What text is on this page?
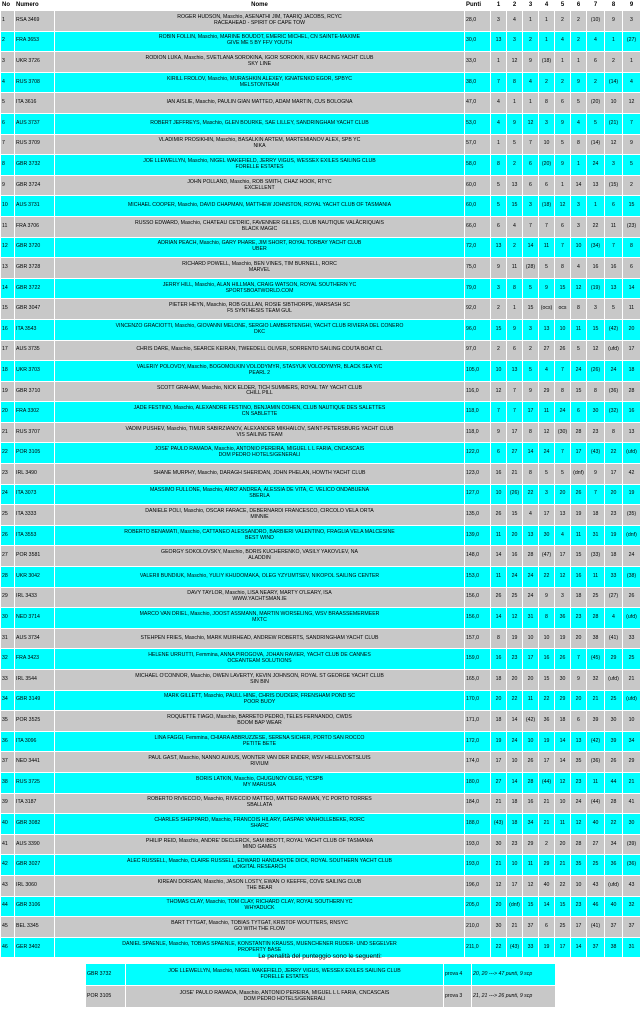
No	Numero	Nome	Punti	1	2	3	4	5	6	7	8	9
1	RSA 3469	ROGER HUDSON, Maschio, ASENATHI JIM, TAARIQ JACOBS, RCYC
RACEAHEAD - SPIRIT OF CAPE TOW	28,0	3	4	1	1	2	2	(10)	9	3
2	FRA 3653	ROBIN FOLLIN, Maschio, MARINE BOUDOT, EMERIC MICHEL, CN SAINTE-MAXIME
GIVE ME 5 BY FFV YOUTH	30,0	13	3	2	1	4	2	4	1	(27)
3	UKR 3726	RODION LUKA, Maschio, SVETLANA SOROKINA, IGOR SOROKIN, KIEV RACING YACHT CLUB
SKY LINE	33,0	1	12	9	(18)	1	1	6	2	1
4	RUS 3708	KIRILL FROLOV, Maschio, MURASHKIN ALEXEY, IGNATENKO EGOR, SPBYC
MELSTONTEAM	38,0	7	8	4	2	2	9	2	(14)	4
5	ITA 3616	IAN AISLIE, Maschio, PAULIN GIAN MATTEO, ADAM MARTIN, CUS BOLOGNA	47,0	4	1	1	8	6	5	(20)	10	12
6	AUS 3737	ROBERT JEFFREYS, Maschio, GLEN BOURKE, SAE LILLEY, SANDRINGHAM YACHT CLUB	53,0	4	9	12	3	9	4	5	(21)	7
7	RUS 3709	VLADIMIR PROSIKHIN, Maschio, BASALKIN ARTEM, MARTEMIANOV ALEX, SPB YC
NIKA	57,0	1	5	7	10	5	8	(14)	12	9
8	GBR 3732	JOE LLEWELLYN, Maschio, NIGEL WAKEFIELD, JERRY VIGUS, WESSEX EXILES SAILING CLUB
FORELLE ESTATES	58,0	8	2	6	(20)	9	1	24	3	5
9	GBR 3724	JOHN POLLAND, Maschio, ROB SMITH, CHAZ HOOK, RTYC
EXCELLENT	60,0	5	13	6	6	1	14	13	(15)	2
10	AUS 3731	MICHAEL COOPER, Maschio, DAVID CHAPMAN, MATTHEW JOHNSTON, ROYAL YACHT CLUB OF TASMANIA	60,0	5	15	3	(18)	12	3	1	6	15
11	FRA 3706	RUSSO EDWARD, Maschio, CHATEAU CE'DRIC, FAVENNER GILLES, CLUB NAUTIQUE VALÂCRIQUAIS
BLACK MAGIC	66,0	6	4	7	7	6	3	22	11	(23)
12	GBR 3720	ADRIAN PEACH, Maschio, GARY PHARE, JIM SHORT, ROYAL TORBAY YACHT CLUB
UBER	72,0	13	2	14	11	7	10	(34)	7	8
13	GBR 3728	RICHARD POWELL, Maschio, BEN VINES, TIM BURNELL, RORC
MARVEL	75,0	9	11	(28)	5	8	4	16	16	6
14	GBR 3722	JERRY HILL, Maschio, ALAN HILLMAN, CRAIG WATSON, ROYAL SOUTHERN YC
SPORTSBOATWORLD.COM	79,0	3	8	5	9	15	12	(19)	13	14
15	GBR 3047	PIETER HEYN, Maschio, ROB GULLAN, ROSIE SIBTHORPE, WARSASH SC
F5 SYNTHESIS TEAM GUL	92,0	2	1	15	(ocs)	ocs	8	3	5	11
16	ITA 3543	VINCENZO GRACIOTTI, Maschio, GIOVANNI MELONE, SERGIO LAMBERTENGHI, YACHT CLUB RIVIERA DEL CONERO
DKC	96,0	15	9	3	13	10	11	15	(42)	20
17	AUS 3735	CHRIS DARE, Maschio, SEARCE KEIRAN, TWEEDELL OLIVER, SORRENTO SAILING COUTA BOAT CL	97,0	2	6	2	27	26	5	12	(ufd)	17
18	UKR 3703	VALERIY POLOVOY, Maschio, BOGOMOLKIN VOLODYMYR, STASYUK VOLODYMYR, BLACK SEA Y/C
PEARL 2	105,0	10	13	5	4	7	24	(26)	24	18
19	GBR 3710	SCOTT GRAHAM, Maschio, NICK ELDER, TICH SUMMERS, ROYAL TAY YACHT CLUB
CHILL PILL	116,0	12	7	9	29	8	15	8	(36)	28
20	FRA 3302	JADE FESTINO, Maschio, ALEXANDRE FESTINO, BENJAMIN COHEN, CLUB NAUTIQUE DES SALETTES
CN SABLETTE	118,0	7	7	17	11	24	6	30	(32)	16
21	RUS 3707	VADIM PUSHEV, Maschio, TIMUR SABIRZIANOV, ALEXANDER MIKHAILOV, SAINT-PETERSBURG YACHT CLUB
VIS SAILING TEAM	118,0	9	17	8	12	(30)	28	23	8	13
22	POR 3105	JOSE' PAULO RAMADA, Maschio, ANTONIO PEREIRA, MIGUEL L L FARIA, CNCASCAIS
DOM PEDRO HOTELS/GENERALI	122,0	6	27	14	24	7	17	(43)	22	(ufd)
23	IRL 3490	SHANE MURPHY, Maschio, DARAGH SHERIDAN, JOHN PHELAN, HOWTH YACHT CLUB	123,0	16	21	8	5	5	(dnf)	9	17	42
24	ITA 3073	MASSIMO FULLONE, Maschio, AIRO' ANDREA, ALESSIA DE VITA, C. VELICO ONDABUENA
SBERLA	127,0	10	(26)	22	3	20	26	7	20	19
25	ITA 3333	DANIELE POLI, Maschio, OSCAR FARACE, DEBERNARDI FRANCESCO, CIRCOLO VELA ORTA
MINNIE	135,0	26	15	4	17	13	19	18	23	(35)
26	ITA 3553	ROBERTO BENAMATI, Maschio, CATTANEO ALESSANDRO, BARBIERI VALENTINO, FRAGLIA VELA MALCESINE
BEST WIND	139,0	11	20	13	30	4	11	31	19	(dnf)
27	POR 3581	GEORGY SOKOLOVSKY, Maschio, BORIS KUCHERENKO, VASILY YAKOVLEV, NA
ALADDIN	148,0	14	16	28	(47)	17	15	(33)	18	24
28	UKR 3042	VALERII BUNDIUK, Maschio, YULIY KHUDOMAKA, OLEG YZYUMTSEV, NIKOPOL SAILING CENTER	153,0	11	24	24	22	12	16	11	33	(38)
29	IRL 3433	DAVY TAYLOR, Maschio, LISA NEARY, MARTY O'LEARY, ISA
WWW.YACHTSMAN.IE	156,0	26	25	24	9	3	18	25	(27)	26
30	NED 3714	MARCO VAN DRIEL, Maschio, JOOST ASSMANN, MARTIN WORSELING, WSV BRAASSEMERMEER
MXTC	156,0	14	12	31	8	36	23	28	4	(ufd)
31	AUS 3734	STEHPEN FRIES, Maschio, MARK MUIRHEAD, ANDREW ROBERTS, SANDRINGHAM YACHT CLUB	157,0	8	19	10	10	19	20	38	(41)	33
32	FRA 3423	HELENE URRUTTI, Femmina, ANNA PIROGOVA, JOHAN RAVIER, YACHT CLUB DE CANNES
OCEANTEAM SOLUTIONS	159,0	16	23	17	16	26	7	(45)	29	25
33	IRL 3544	MICHAEL O'CONNOR, Maschio, OWEN LAVERTY, KEVIN JOHNSON, ROYAL ST GEORGE YACHT CLUB
SIN BIN	165,0	18	20	20	15	30	9	32	(ufd)	21
34	GBR 3149	MARK GILLETT, Maschio, PAULL HINE, CHRIS DUCKER, FRENSHAM POND SC
POOR BUOY	170,0	20	22	11	22	29	20	21	25	(ufd)
35	POR 3525	ROQUETTE TIAGO, Maschio, BARRETO PEDRO, TELES FERNANDO, CWDS
BOOM BAP WEAR	171,0	18	14	(42)	36	18	6	39	30	10
36	ITA 3096	LINA FAGGI, Femmina, CHIARA ABBRUZZESE, SERENA SICHER, PORTO SAN ROCCO
PETITE BETE	172,0	19	24	10	19	14	13	(42)	39	34
37	NED 3441	PAUL GAST, Maschio, NANNO AUKUS, WONTER VAN DER ENDER, WSV HELLEVOETSLUIS
RIVIUM	174,0	17	10	26	17	14	35	(36)	26	29
38	RUS 3725	BORIS LATKIN, Maschio, CHUGUNOV OLEG, YCSPB
MY MARUSIA	180,0	27	14	28	(44)	12	23	11	44	21
39	ITA 3187	ROBERTO RIVIECCIO, Maschio, RIVECCIO MATTEO, MATTEO RAMIAN, YC PORTO TORRES
SBALLATA	184,0	21	18	16	21	10	24	(44)	28	41
40	GBR 3082	CHARLES SHEPPARD, Maschio, FRANCOIS HILARY, GASPAR VANHOLLEBEKE, RORC
SHARC	188,0	(43)	18	34	21	11	12	40	22	30
41	AUS 3390	PHILIP REID, Maschio, ANDRE' DECLERCK, SAM IBBOTT, ROYAL YACHT CLUB OF TASMANIA
MIND GAMES	193,0	30	23	29	2	20	28	27	34	(39)
42	GBR 3027	ALEC RUSSELL, Maschio, CLAIRE RUSSELL, EDWARD HANDASYDE DICK, ROYAL SOUTHERN YACHT CLUB
eDIGITAL RESEARCH	193,0	21	10	11	29	21	35	25	36	(36)
43	IRL 3060	KIREAN DORGAN, Maschio, JASON LOSTY, EWAN O KEEFFE, COVE SAILING CLUB
THE BEAR	196,0	12	17	12	40	22	10	43	(ufd)	43
44	GBR 3106	THOMAS CLAY, Maschio, TOM CLAY, RICHARD CLAY, ROYAL SOUTHERN YC
WHYADUCK	205,0	20	(dnf)	15	14	15	23	46	40	32
45	BEL 3345	BART TYTGAT, Maschio, TOBIAS TYTGAT, KRISTOF WOUTTERS, RNSYC
GO WITH THE FLOW	210,0	30	21	37	6	25	17	(41)	37	37
46	GER 3402	DANIEL SPAENLE, Maschio, TOBIAS SPAENLE, KONSTANTIN KRAUSS, MUENCHENER RUDER- UND SEGELVER
PROPERTY BASE	211,0	22	(43)	33	19	17	14	37	38	31
Le penalità del punteggio sono le seguenti:
GBR 3732	JOE LLEWELLYN, Maschio, NIGEL WAKEFIELD, JERRY VIGUS, WESSEX EXILES SAILING CLUB
FORELLE ESTATES	prova 4	20, 20 ---> 47 punti, 9 scp
POR 3105	JOSE' PAULO RAMADA, Maschio, ANTONIO PEREIRA, MIGUEL L L FARIA, CNCASCAIS
DOM PEDRO HOTELS/GENERALI	prova 3	21, 21 ---> 26 punti, 9 scp
